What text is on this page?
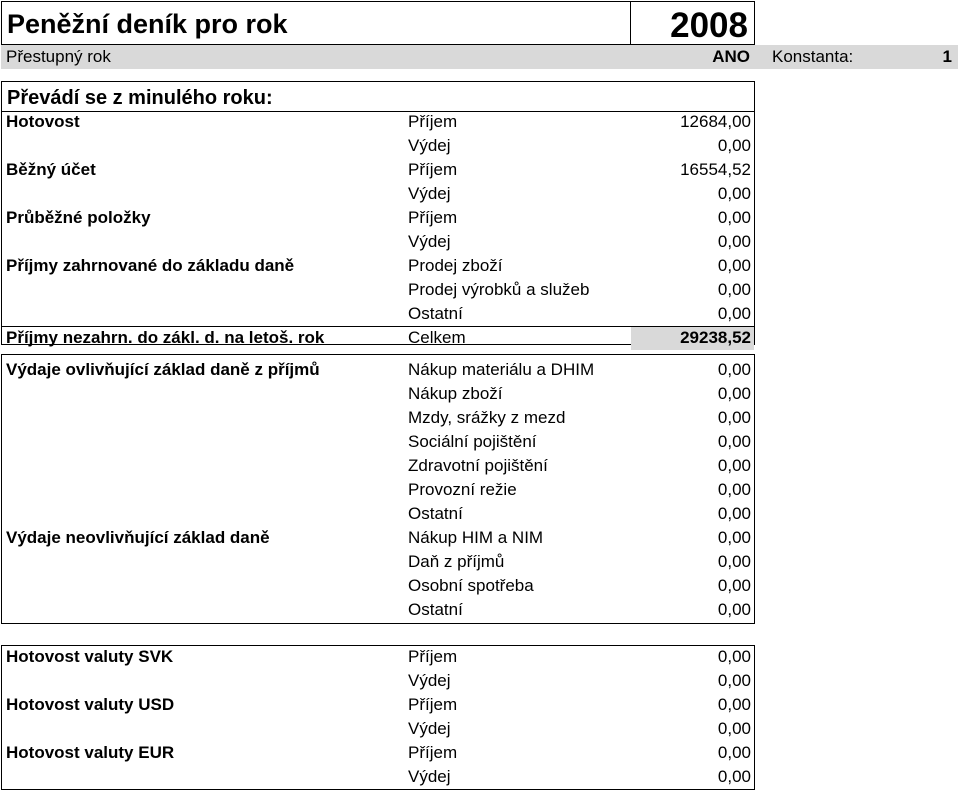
Peněžní deník pro rok	2008
Přestupný rok	ANO Konstanta:	1
Převádí se z minulého roku:
Hotovost	Příjem	12684,00
Výdej	0,00
Běžný účet	Příjem	16554,52
Výdej	0,00
Průběžné položky	Příjem	0,00
Výdej	0,00
Příjmy zahrnované do základu daně	Prodej zboží	0,00
Prodej výrobků a služeb	0,00
Ostatní	0,00
Příjmy nezahrn. do zákl. d. na letoš. rok	Celkem	29238,52
Výdaje ovlivňující základ daně z příjmů	Nákup materiálu a DHIM	0,00
Nákup zboží	0,00
Mzdy, srážky z mezd	0,00
Sociální pojištění	0,00
Zdravotní pojištění	0,00
Provozní režie	0,00
Ostatní	0,00
Výdaje neovlivňující základ daně	Nákup HIM a NIM	0,00
Daň z příjmů	0,00
Osobní spotřeba	0,00
Ostatní	0,00
Hotovost valuty SVK	Příjem	0,00
Výdej	0,00
Hotovost valuty USD	Příjem	0,00
Výdej	0,00
Hotovost valuty EUR	Příjem	0,00
Výdej	0,00
